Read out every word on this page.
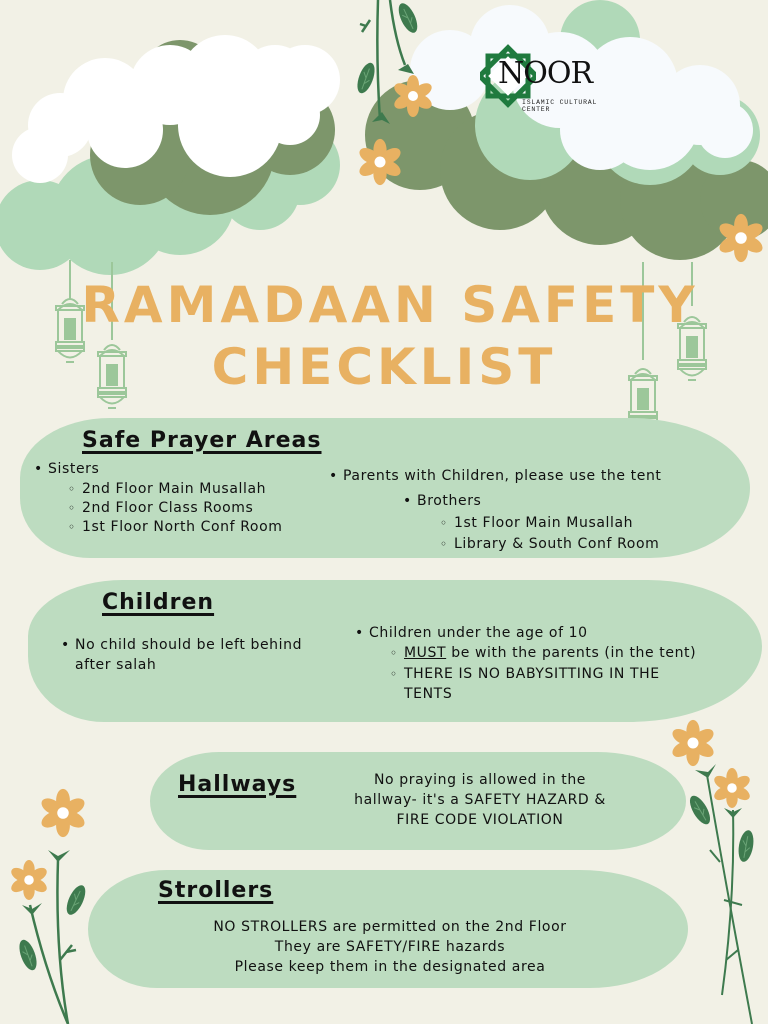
NOOR
ISLAMIC CULTURAL CENTER
RAMADAAN SAFETY
CHECKLIST
Safe Prayer Areas
• Sisters
◦ 2nd Floor Main Musallah
◦ 2nd Floor Class Rooms
◦ 1st Floor North Conf Room
• Parents with Children, please use the tent
• Brothers
◦ 1st Floor Main Musallah
◦ Library & South Conf Room
Children
• No child should be left behind
after salah
• Children under the age of 10
◦ MUST be with the parents (in the tent)
◦ THERE IS NO BABYSITTING IN THE
TENTS
Hallways	No praying is allowed in the
hallway- it's a SAFETY HAZARD &
FIRE CODE VIOLATION
Strollers
NO STROLLERS are permitted on the 2nd Floor
They are SAFETY/FIRE hazards
Please keep them in the designated area
